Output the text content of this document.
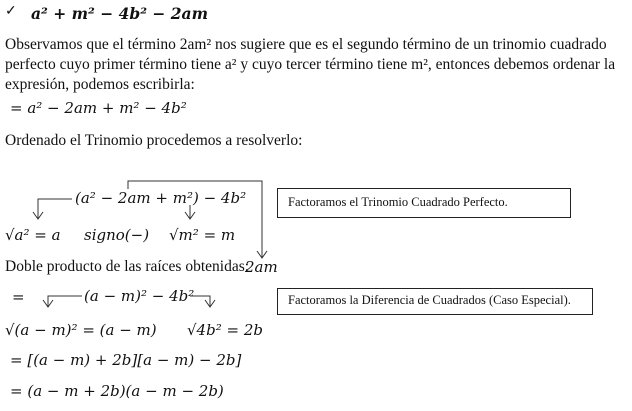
✓ a² + m² − 4b² − 2am
Observamos que el término 2am² nos sugiere que es el segundo término de un trinomio cuadrado
perfecto cuyo primer término tiene a² y cuyo tercer término tiene m², entonces debemos ordenar la
expresión, podemos escribirla:
= a² − 2am + m² − 4b²
Ordenado el Trinomio procedemos a resolverlo:
(a² − 2am + m²) − 4b²
√a² = a signo(−) √m² = m
Factoramos el Trinomio Cuadrado Perfecto.
Doble producto de las raíces obtenidas:
2am
=	(a − m)² − 4b²
√(a − m)² = (a − m) √4b² = 2b
Factoramos la Diferencia de Cuadrados (Caso Especial).
= [(a − m) + 2b][a − m) − 2b]
= (a − m + 2b)(a − m − 2b)
